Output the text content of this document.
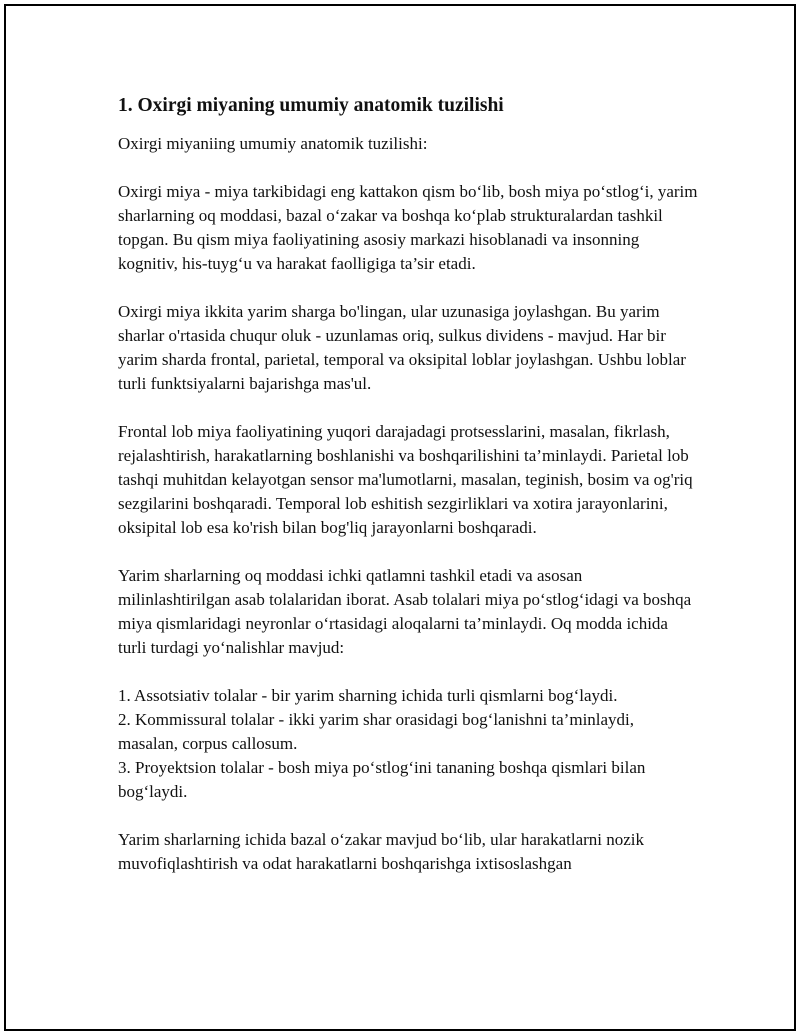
1. Oxirgi miyaning umumiy anatomik tuzilishi

Oxirgi miyaniing umumiy anatomik tuzilishi:

Oxirgi miya - miya tarkibidagi eng kattakon qism bo‘lib, bosh miya po‘stlog‘i, yarim sharlarning oq moddasi, bazal o‘zakar va boshqa ko‘plab strukturalardan tashkil topgan. Bu qism miya faoliyatining asosiy markazi hisoblanadi va insonning kognitiv, his-tuyg‘u va harakat faolligiga ta’sir etadi.

Oxirgi miya ikkita yarim sharga bo'lingan, ular uzunasiga joylashgan. Bu yarim sharlar o'rtasida chuqur oluk - uzunlamas oriq, sulkus dividens - mavjud. Har bir yarim sharda frontal, parietal, temporal va oksipital loblar joylashgan. Ushbu loblar turli funktsiyalarni bajarishga mas'ul.

Frontal lob miya faoliyatining yuqori darajadagi protsesslarini, masalan, fikrlash, rejalashtirish, harakatlarning boshlanishi va boshqarilishini ta’minlaydi. Parietal lob tashqi muhitdan kelayotgan sensor ma'lumotlarni, masalan, teginish, bosim va og'riq sezgilarini boshqaradi. Temporal lob eshitish sezgirliklari va xotira jarayonlarini, oksipital lob esa ko'rish bilan bog'liq jarayonlarni boshqaradi.

Yarim sharlarning oq moddasi ichki qatlamni tashkil etadi va asosan milinlashtirilgan asab tolalaridan iborat. Asab tolalari miya po‘stlog‘idagi va boshqa miya qismlaridagi neyronlar o‘rtasidagi aloqalarni ta’minlaydi. Oq modda ichida turli turdagi yo‘nalishlar mavjud:

1. Assotsiativ tolalar - bir yarim sharning ichida turli qismlarni bog‘laydi.
2. Kommissural tolalar - ikki yarim shar orasidagi bog‘lanishni ta’minlaydi, masalan, corpus callosum.
3. Proyektsion tolalar - bosh miya po‘stlog‘ini tananing boshqa qismlari bilan bog‘laydi.

Yarim sharlarning ichida bazal o‘zakar mavjud bo‘lib, ular harakatlarni nozik muvofiqlashtirish va odat harakatlarni boshqarishga ixtisoslashgan
